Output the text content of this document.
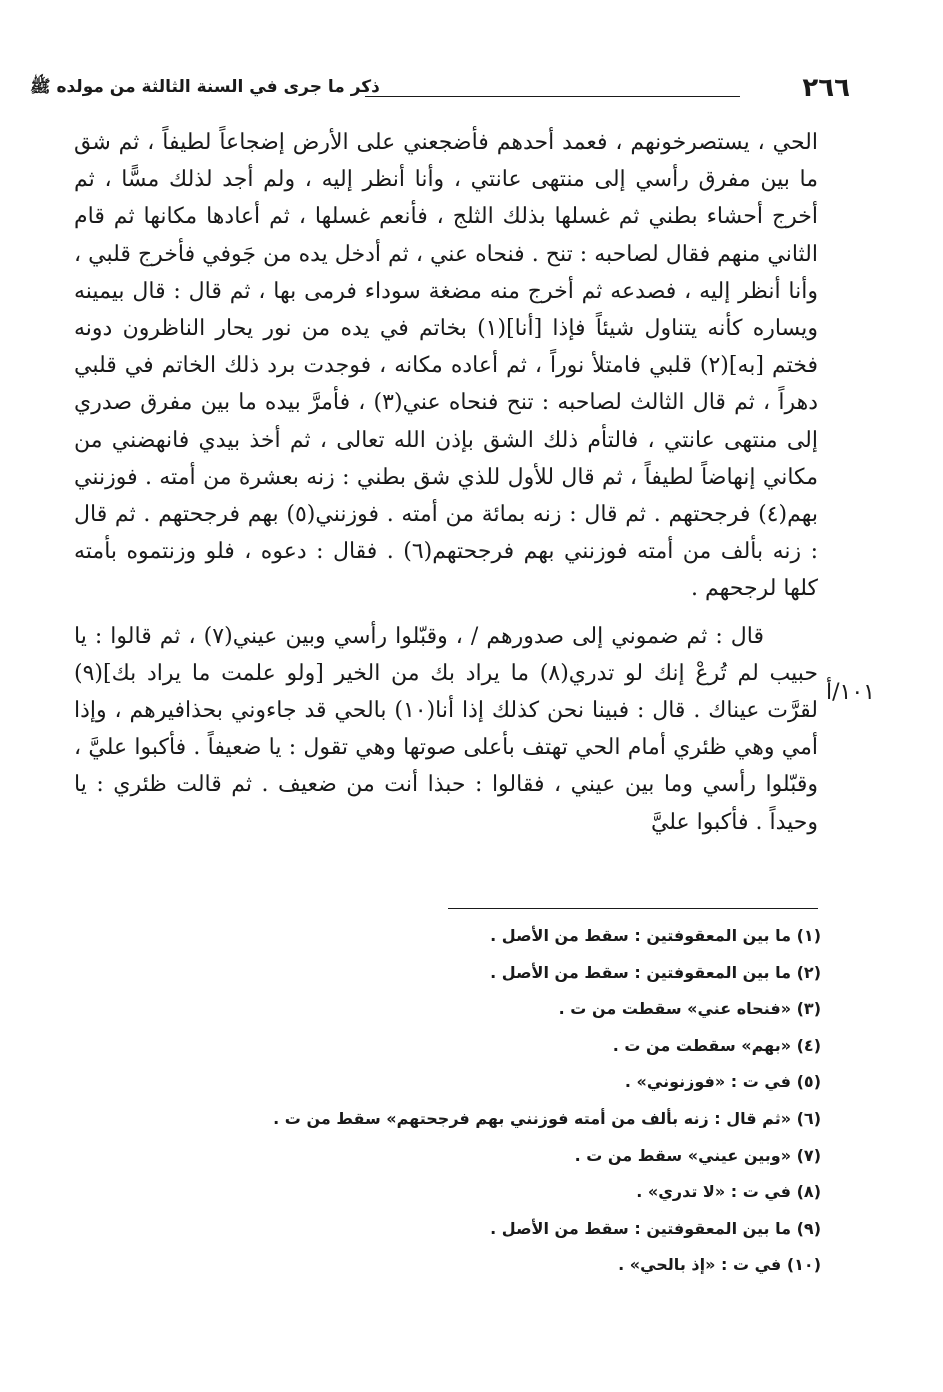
٢٦٦
ذكر ما جرى في السنة الثالثة من مولده ﷺ

الحي ، يستصرخونهم ، فعمد أحدهم فأضجعني على الأرض إضجاعاً لطيفاً ، ثم شق ما بين مفرق رأسي إلى منتهى عانتي ، وأنا أنظر إليه ، ولم أجد لذلك مسًّا ، ثم أخرج أحشاء بطني ثم غسلها بذلك الثلج ، فأنعم غسلها ، ثم أعادها مكانها ثم قام الثاني منهم فقال لصاحبه : تنح . فنحاه عني ، ثم أدخل يده من جَوفي فأخرج قلبي ، وأنا أنظر إليه ، فصدعه ثم أخرج منه مضغة سوداء فرمى بها ، ثم قال : قال بيمينه ويساره كأنه يتناول شيئاً فإذا [أنا](١) بخاتم في يده من نور يحار الناظرون دونه فختم [به](٢) قلبي فامتلأ نوراً ، ثم أعاده مكانه ، فوجدت برد ذلك الخاتم في قلبي دهراً ، ثم قال الثالث لصاحبه : تنح فنحاه عني(٣) ، فأمرَّ بيده ما بين مفرق صدري إلى منتهى عانتي ، فالتأم ذلك الشق بإذن الله تعالى ، ثم أخذ بيدي فانهضني من مكاني إنهاضاً لطيفاً ، ثم قال للأول للذي شق بطني : زنه بعشرة من أمته . فوزنني بهم(٤) فرجحتهم . ثم قال : زنه بمائة من أمته . فوزنني(٥) بهم فرجحتهم . ثم قال : زنه بألف من أمته فوزنني بهم فرجحتهم(٦) . فقال : دعوه ، فلو وزنتموه بأمته كلها لرجحهم .

قال : ثم ضموني إلى صدورهم / ، وقبّلوا رأسي وبين عيني(٧) ، ثم قالوا : يا حبيب لم تُرعْ إنك لو تدري(٨) ما يراد بك من الخير [ولو علمت ما يراد بك](٩) لقرَّت عيناك . قال : فبينا نحن كذلك إذا أنا(١٠) بالحي قد جاءوني بحذافيرهم ، وإذا أمي وهي ظئري أمام الحي تهتف بأعلى صوتها وهي تقول : يا ضعيفاً . فأكبوا عليَّ ، وقبّلوا رأسي وما بين عيني ، فقالوا : حبذا أنت من ضعيف . ثم قالت ظئري : يا وحيداً . فأكبوا عليَّ

١٠١/أ
(١) ما بين المعقوفتين : سقط من الأصل .
(٢) ما بين المعقوفتين : سقط من الأصل .
(٣) «فنحاه عني» سقطت من ت .
(٤) «بهم» سقطت من ت .
(٥) في ت : «فوزنوني» .
(٦) «ثم قال : زنه بألف من أمته فوزنني بهم فرجحتهم» سقط من ت .
(٧) «وبين عيني» سقط من ت .
(٨) في ت : «لا تدري» .
(٩) ما بين المعقوفتين : سقط من الأصل .
(١٠) في ت : «إذ بالحي» .
